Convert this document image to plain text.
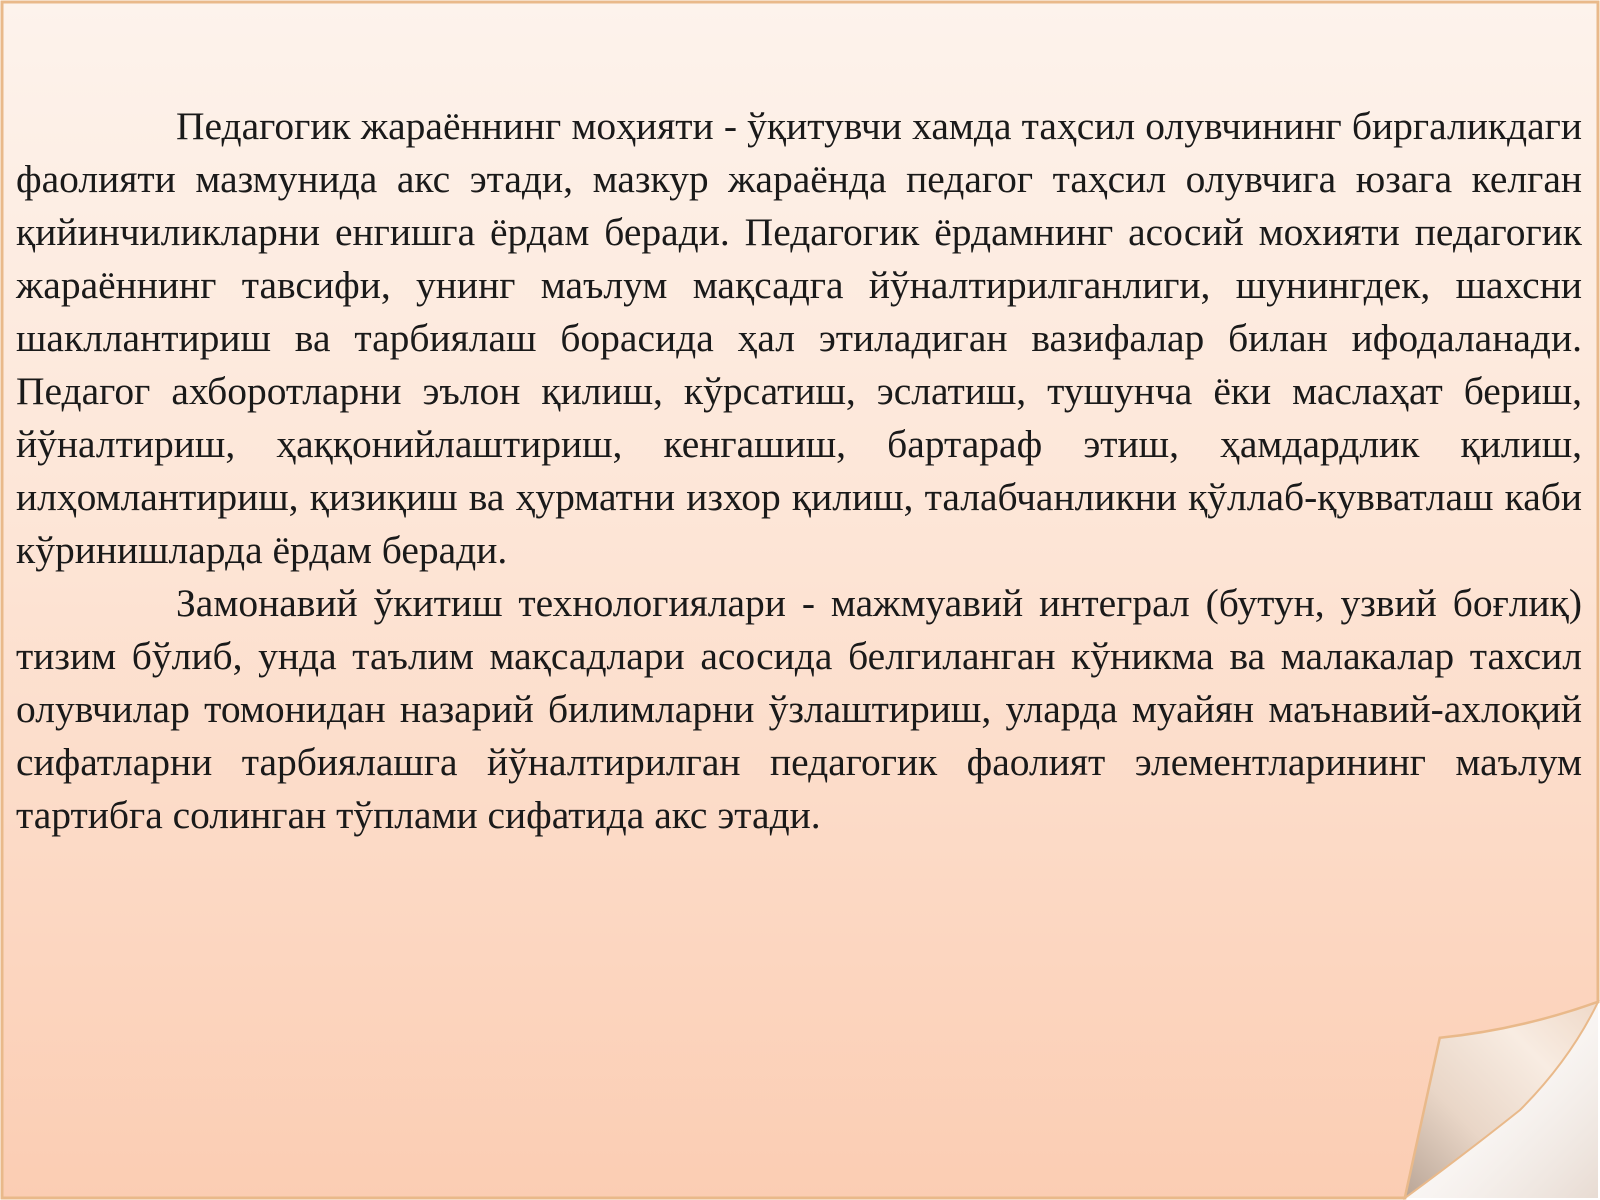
Педагогик жараённинг моҳияти - ўқитувчи хамда таҳсил олувчининг биргаликдаги фаолияти мазмунида акс этади, мазкур жараёнда педагог таҳсил олувчига юзага келган қийинчиликларни енгишга ёрдам беради. Педагогик ёрдамнинг асосий мохияти педагогик жараённинг тавсифи, унинг маълум мақсадга йўналтирилганлиги, шунингдек, шахсни шакллантириш ва тарбиялаш борасида ҳал этиладиган вазифалар билан ифодаланади. Педагог ахборотларни эълон қилиш, кўрсатиш, эслатиш, тушунча ёки маслаҳат бериш, йўналтириш, ҳаққонийлаштириш, кенгашиш, бартараф этиш, ҳамдардлик қилиш, илҳомлантириш, қизиқиш ва ҳурматни изхор қилиш, талабчанликни қўллаб-қувватлаш каби кўринишларда ёрдам беради.

Замонавий ўкитиш технологиялари - мажмуавий интеграл (бутун, узвий боғлиқ) тизим бўлиб, унда таълим мақсадлари асосида белгиланган кўникма ва малакалар тахсил олувчилар томонидан назарий билимларни ўзлаштириш, уларда муайян маънавий-ахлоқий сифатларни тарбиялашга йўналтирилган педагогик фаолият элементларининг маълум тартибга солинган тўплами сифатида акс этади.
